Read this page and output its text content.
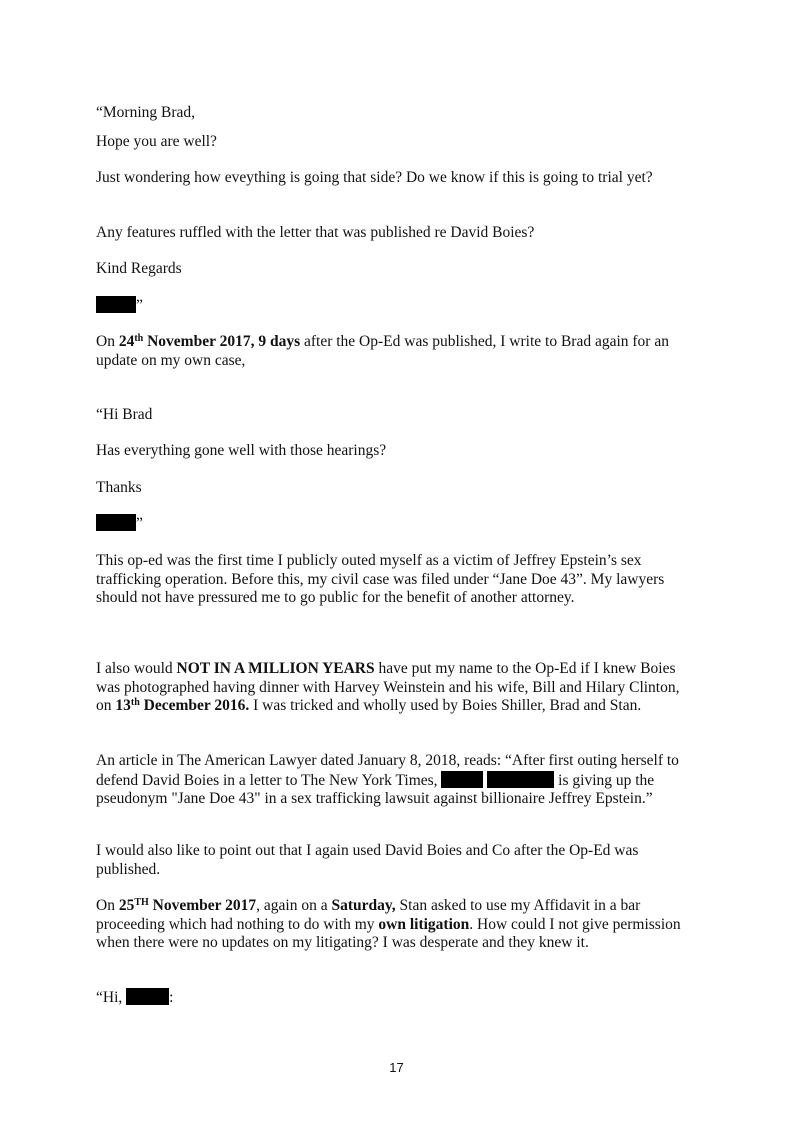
“Morning Brad,

Hope you are well?

Just wondering how eveything is going that side? Do we know if this is going to trial yet?

Any features ruffled with the letter that was published re David Boies?

Kind Regards

”

On 24th November 2017, 9 days after the Op-Ed was published, I write to Brad again for an update on my own case,

“Hi Brad

Has everything gone well with those hearings?

Thanks

”

This op-ed was the first time I publicly outed myself as a victim of Jeffrey Epstein’s sex trafficking operation. Before this, my civil case was filed under “Jane Doe 43”. My lawyers should not have pressured me to go public for the benefit of another attorney.

I also would NOT IN A MILLION YEARS have put my name to the Op-Ed if I knew Boies was photographed having dinner with Harvey Weinstein and his wife, Bill and Hilary Clinton, on 13th December 2016. I was tricked and wholly used by Boies Shiller, Brad and Stan.

An article in The American Lawyer dated January 8, 2018, reads: “After first outing herself to defend David Boies in a letter to The New York Times,	is giving up the pseudonym "Jane Doe 43" in a sex trafficking lawsuit against billionaire Jeffrey Epstein.”

I would also like to point out that I again used David Boies and Co after the Op-Ed was published.

On 25TH November 2017, again on a Saturday, Stan asked to use my Affidavit in a bar proceeding which had nothing to do with my own litigation. How could I not give permission when there were no updates on my litigating? I was desperate and they knew it.

“Hi,	:

17
